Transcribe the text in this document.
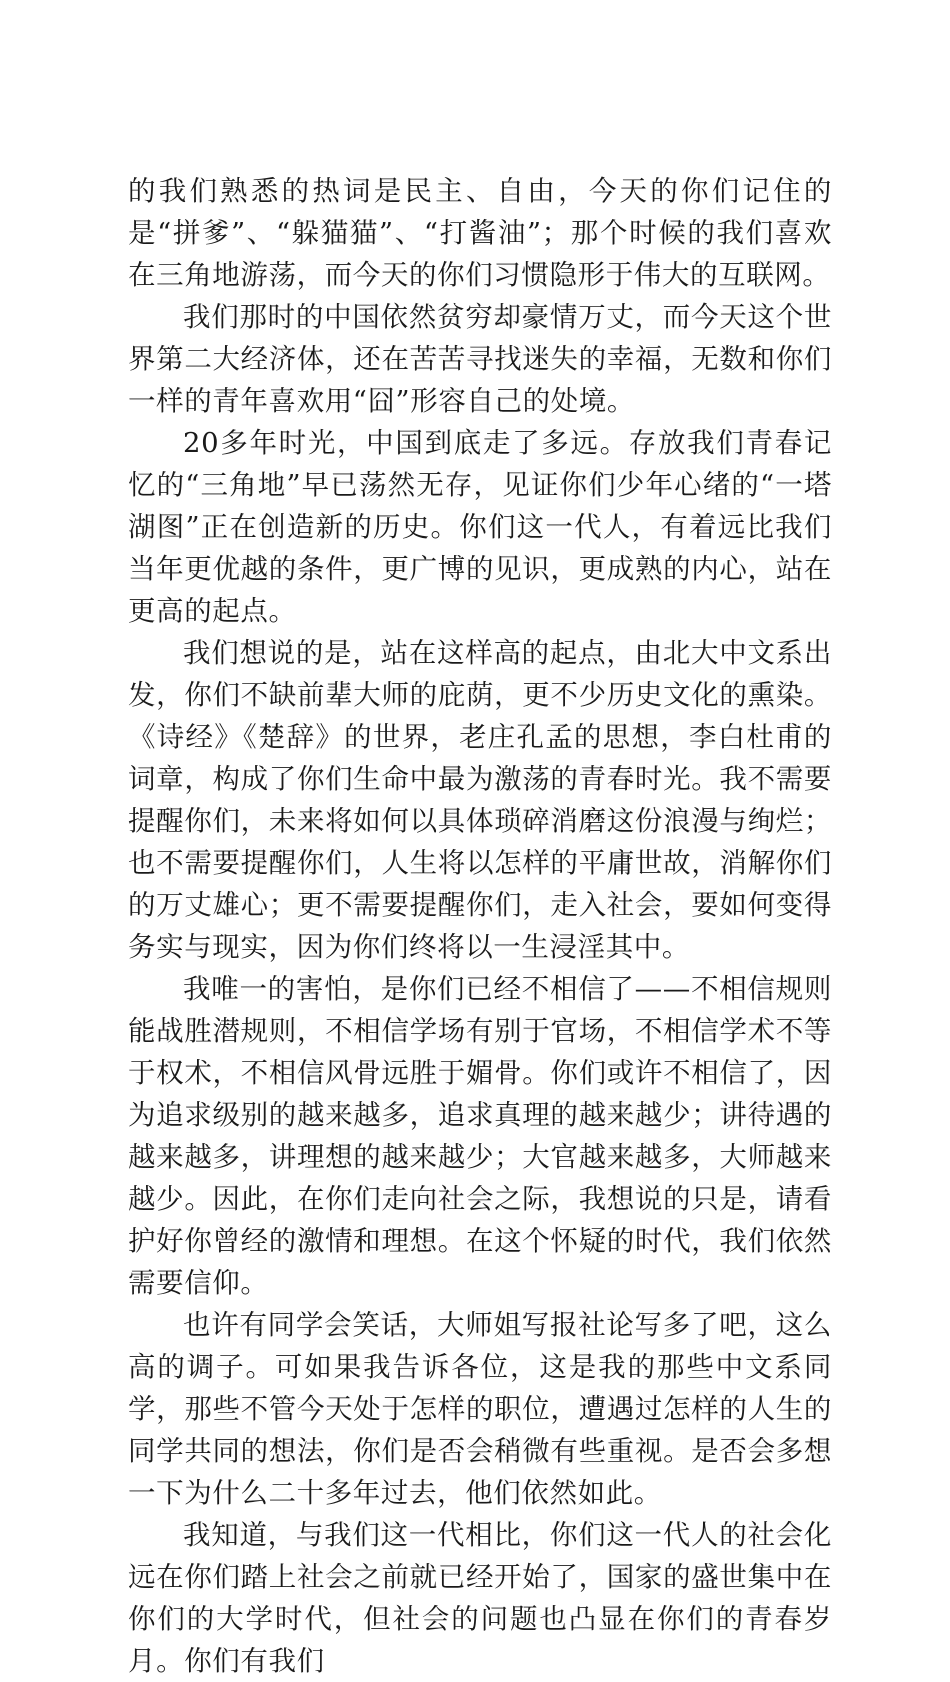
的我们熟悉的热词是民主、自由，今天的你们记住的是“拼爹”、“躲猫猫”、“打酱油”；那个时候的我们喜欢在三角地游荡，而今天的你们习惯隐形于伟大的互联网。

我们那时的中国依然贫穷却豪情万丈，而今天这个世界第二大经济体，还在苦苦寻找迷失的幸福，无数和你们一样的青年喜欢用“囧”形容自己的处境。

20多年时光，中国到底走了多远。存放我们青春记忆的“三角地”早已荡然无存，见证你们少年心绪的“一塔湖图”正在创造新的历史。你们这一代人，有着远比我们当年更优越的条件，更广博的见识，更成熟的内心，站在更高的起点。

我们想说的是，站在这样高的起点，由北大中文系出发，你们不缺前辈大师的庇荫，更不少历史文化的熏染。《诗经》《楚辞》的世界，老庄孔孟的思想，李白杜甫的词章，构成了你们生命中最为激荡的青春时光。我不需要提醒你们，未来将如何以具体琐碎消磨这份浪漫与绚烂；也不需要提醒你们，人生将以怎样的平庸世故，消解你们的万丈雄心；更不需要提醒你们，走入社会，要如何变得务实与现实，因为你们终将以一生浸淫其中。

我唯一的害怕，是你们已经不相信了——不相信规则能战胜潜规则，不相信学场有别于官场，不相信学术不等于权术，不相信风骨远胜于媚骨。你们或许不相信了，因为追求级别的越来越多，追求真理的越来越少；讲待遇的越来越多，讲理想的越来越少；大官越来越多，大师越来越少。因此，在你们走向社会之际，我想说的只是，请看护好你曾经的激情和理想。在这个怀疑的时代，我们依然需要信仰。

也许有同学会笑话，大师姐写报社论写多了吧，这么高的调子。可如果我告诉各位，这是我的那些中文系同学，那些不管今天处于怎样的职位，遭遇过怎样的人生的同学共同的想法，你们是否会稍微有些重视。是否会多想一下为什么二十多年过去，他们依然如此。

我知道，与我们这一代相比，你们这一代人的社会化远在你们踏上社会之前就已经开始了，国家的盛世集中在你们的大学时代，但社会的问题也凸显在你们的青春岁月。你们有我们
